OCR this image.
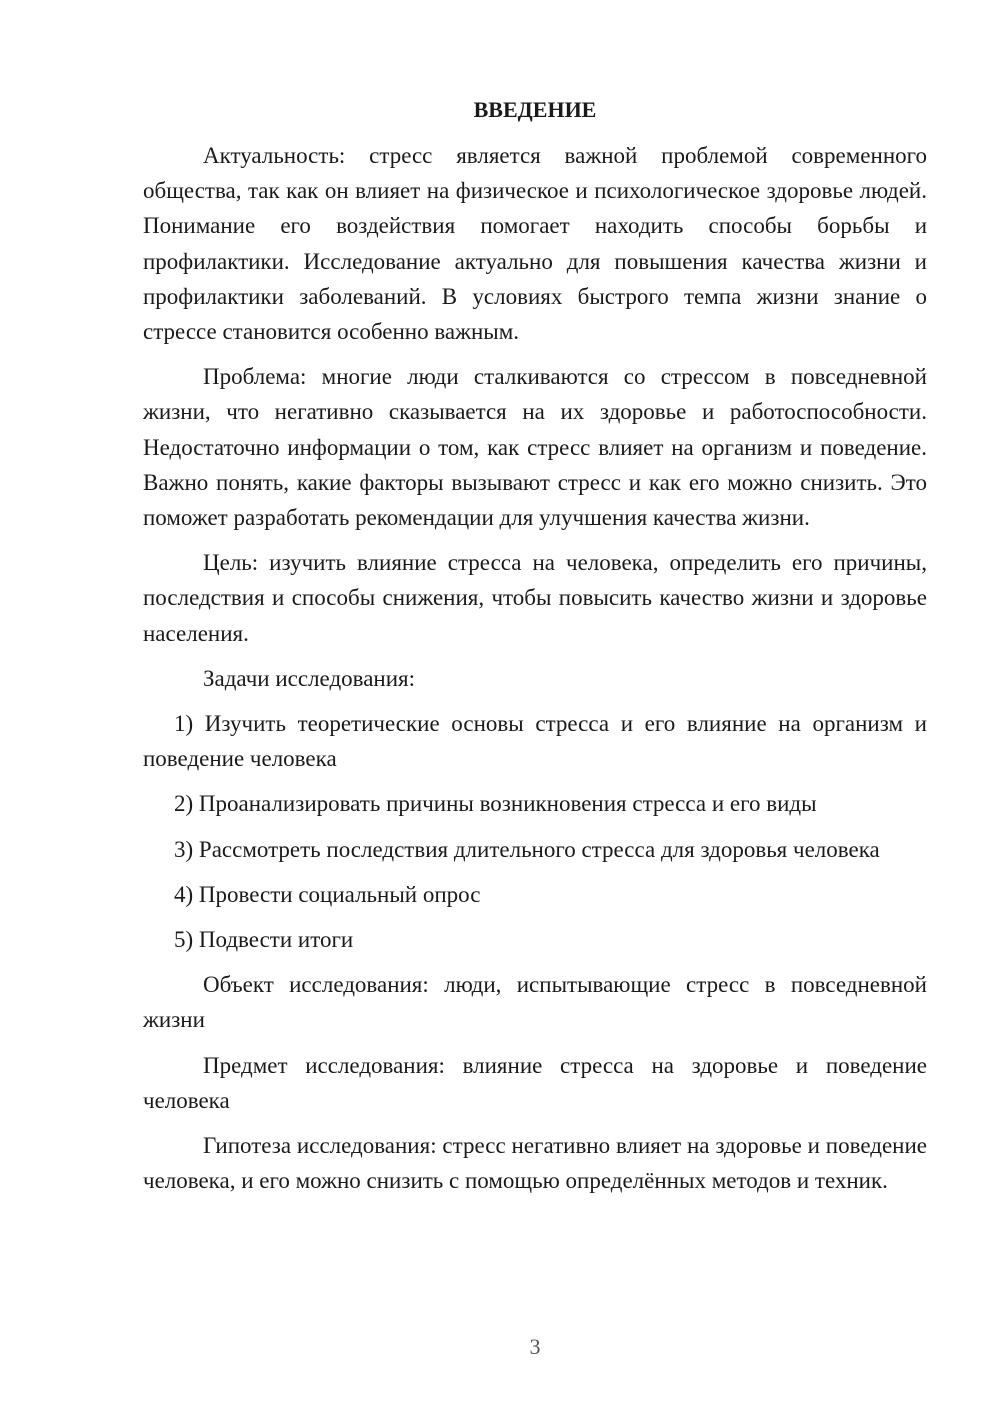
ВВЕДЕНИЕ

Актуальность: стресс является важной проблемой современного общества, так как он влияет на физическое и психологическое здоровье людей. Понимание его воздействия помогает находить способы борьбы и профилактики. Исследование актуально для повышения качества жизни и профилактики заболеваний. В условиях быстрого темпа жизни знание о стрессе становится особенно важным.

Проблема: многие люди сталкиваются со стрессом в повседневной жизни, что негативно сказывается на их здоровье и работоспособности. Недостаточно информации о том, как стресс влияет на организм и поведение. Важно понять, какие факторы вызывают стресс и как его можно снизить. Это поможет разработать рекомендации для улучшения качества жизни.

Цель: изучить влияние стресса на человека, определить его причины, последствия и способы снижения, чтобы повысить качество жизни и здоровье населения.

Задачи исследования:

1) Изучить теоретические основы стресса и его влияние на организм и поведение человека

2) Проанализировать причины возникновения стресса и его виды

3) Рассмотреть последствия длительного стресса для здоровья человека

4) Провести социальный опрос

5) Подвести итоги

Объект исследования: люди, испытывающие стресс в повседневной жизни

Предмет исследования: влияние стресса на здоровье и поведение человека

Гипотеза исследования: стресс негативно влияет на здоровье и поведение человека, и его можно снизить с помощью определённых методов и техник.

3
